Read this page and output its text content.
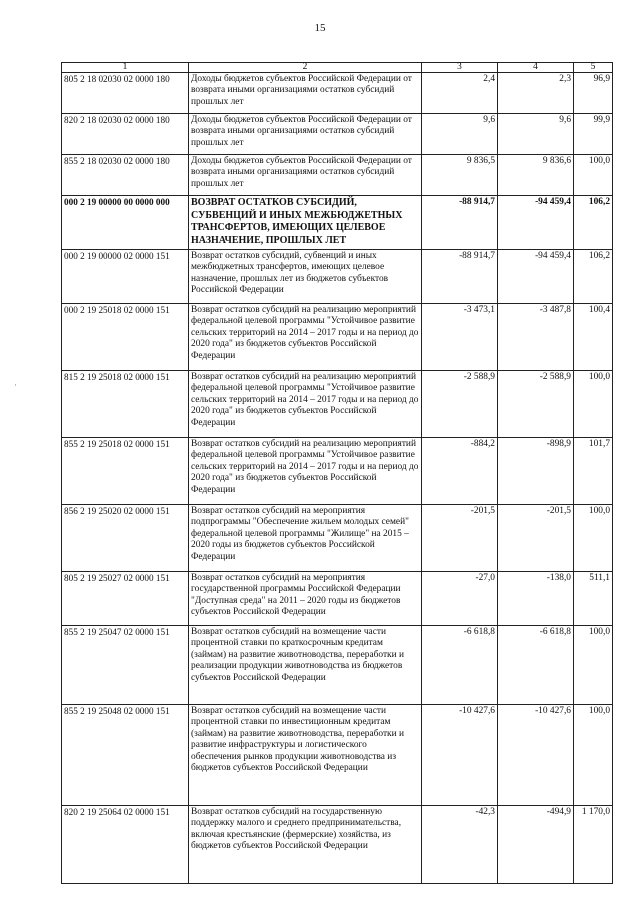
15
1	2	3	4	5
805 2 18 02030 02 0000 180	Доходы бюджетов субъектов Российской Федерации от возврата иными организациями остатков субсидий прошлых лет	2,4	2,3	96,9
820 2 18 02030 02 0000 180	Доходы бюджетов субъектов Российской Федерации от возврата иными организациями остатков субсидий прошлых лет	9,6	9,6	99,9
855 2 18 02030 02 0000 180	Доходы бюджетов субъектов Российской Федерации от возврата иными организациями остатков субсидий прошлых лет	9 836,5	9 836,6	100,0
000 2 19 00000 00 0000 000	ВОЗВРАТ ОСТАТКОВ СУБСИДИЙ, СУБВЕНЦИЙ И ИНЫХ МЕЖБЮДЖЕТНЫХ ТРАНСФЕРТОВ, ИМЕЮЩИХ ЦЕЛЕВОЕ НАЗНАЧЕНИЕ, ПРОШЛЫХ ЛЕТ	-88 914,7	-94 459,4	106,2
000 2 19 00000 02 0000 151	Возврат остатков субсидий, субвенций и иных межбюджетных трансфертов, имеющих целевое назначение, прошлых лет из бюджетов субъектов Российской Федерации	-88 914,7	-94 459,4	106,2
000 2 19 25018 02 0000 151	Возврат остатков субсидий на реализацию мероприятий федеральной целевой программы "Устойчивое развитие сельских территорий на 2014 – 2017 годы и на период до 2020 года" из бюджетов субъектов Российской Федерации	-3 473,1	-3 487,8	100,4
815 2 19 25018 02 0000 151	Возврат остатков субсидий на реализацию мероприятий федеральной целевой программы "Устойчивое развитие сельских территорий на 2014 – 2017 годы и на период до 2020 года" из бюджетов субъектов Российской Федерации	-2 588,9	-2 588,9	100,0
855 2 19 25018 02 0000 151	Возврат остатков субсидий на реализацию мероприятий федеральной целевой программы "Устойчивое развитие сельских территорий на 2014 – 2017 годы и на период до 2020 года" из бюджетов субъектов Российской Федерации	-884,2	-898,9	101,7
856 2 19 25020 02 0000 151	Возврат остатков субсидий на мероприятия подпрограммы "Обеспечение жильем молодых семей" федеральной целевой программы "Жилище" на 2015 – 2020 годы из бюджетов субъектов Российской Федерации	-201,5	-201,5	100,0
805 2 19 25027 02 0000 151	Возврат остатков субсидий на мероприятия государственной программы Российской Федерации "Доступная среда" на 2011 – 2020 годы из бюджетов субъектов Российской Федерации	-27,0	-138,0	511,1
855 2 19 25047 02 0000 151	Возврат остатков субсидий на возмещение части процентной ставки по краткосрочным кредитам (займам) на развитие животноводства, переработки и реализации продукции животноводства из бюджетов субъектов Российской Федерации	-6 618,8	-6 618,8	100,0
855 2 19 25048 02 0000 151	Возврат остатков субсидий на возмещение части процентной ставки по инвестиционным кредитам (займам) на развитие животноводства, переработки и развитие инфраструктуры и логистического обеспечения рынков продукции животноводства из бюджетов субъектов Российской Федерации	-10 427,6	-10 427,6	100,0
820 2 19 25064 02 0000 151	Возврат остатков субсидий на государственную поддержку малого и среднего предпринимательства, включая крестьянские (фермерские) хозяйства, из бюджетов субъектов Российской Федерации	-42,3	-494,9	1 170,0
·
